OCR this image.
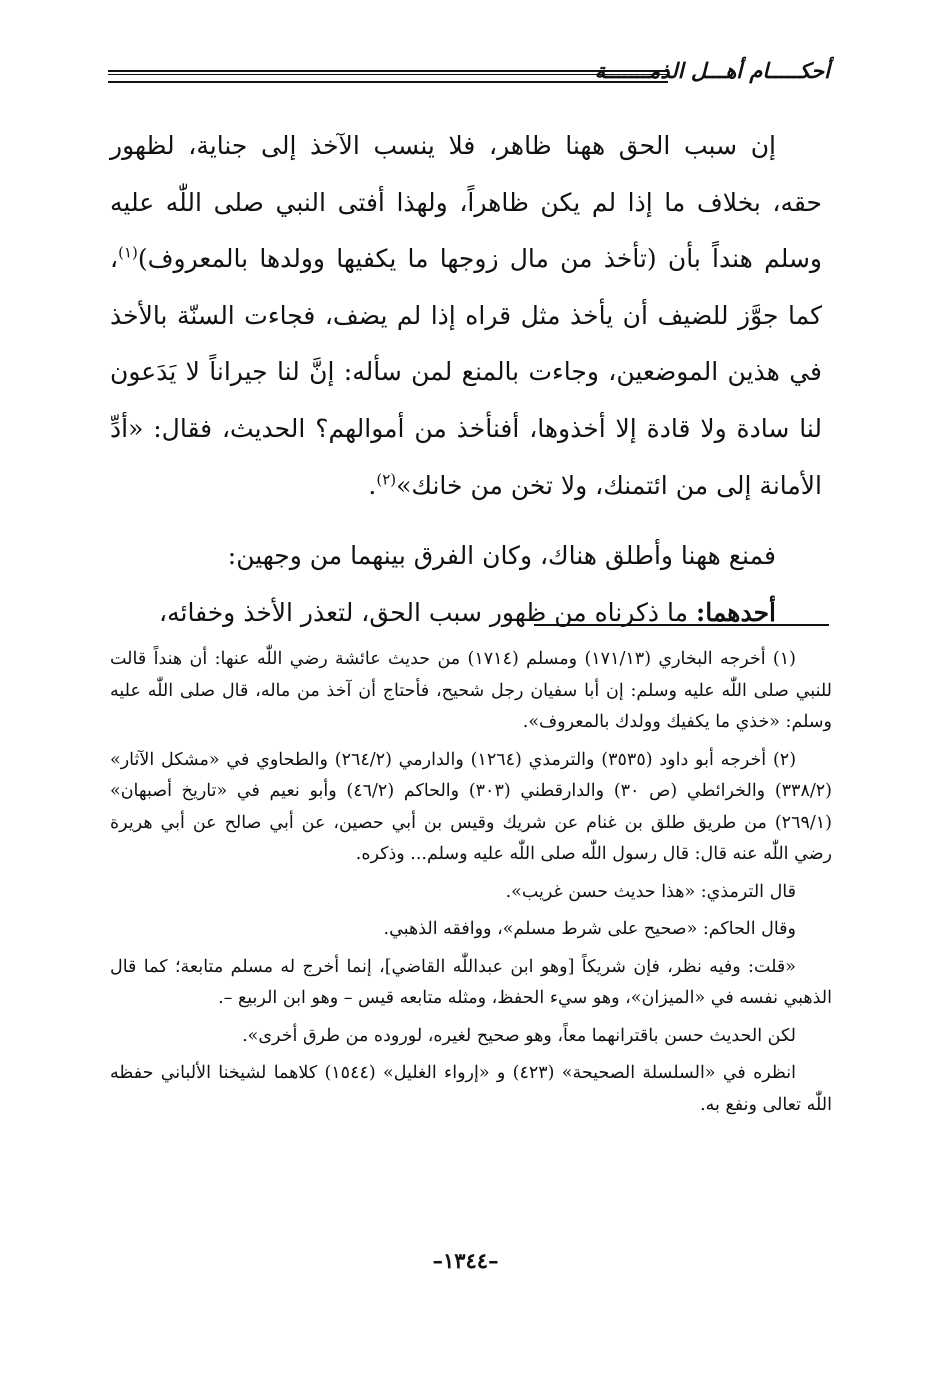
أحكـــــام أهـــل الذمـــــــة

إن سبب الحق ههنا ظاهر، فلا ينسب الآخذ إلى جناية، لظهور حقه، بخلاف ما إذا لم يكن ظاهراً، ولهذا أفتى النبي صلى اللّٰه عليه وسلم هنداً بأن (تأخذ من مال زوجها ما يكفيها وولدها بالمعروف)$^{(١)}$، كما جوَّز للضيف أن يأخذ مثل قراه إذا لم يضف، فجاءت السنّة بالأخذ في هذين الموضعين، وجاءت بالمنع لمن سأله: إنَّ لنا جيراناً لا يَدَعون لنا سادة ولا قادة إلا أخذوها، أفنأخذ من أموالهم؟ الحديث، فقال: «أدِّ الأمانة إلى من ائتمنك، ولا تخن من خانك»$^{(٢)}$.

فمنع ههنا وأطلق هناك، وكان الفرق بينهما من وجهين:

أحدهما: ما ذكرناه من ظهور سبب الحق، لتعذر الأخذ وخفائه،

(١) أخرجه البخاري (١٧١/١٣) ومسلم (١٧١٤) من حديث عائشة رضي اللّٰه عنها: أن هنداً قالت للنبي صلى اللّٰه عليه وسلم: إن أبا سفيان رجل شحيح، فأحتاج أن آخذ من ماله، قال صلى اللّٰه عليه وسلم: «خذي ما يكفيك وولدك بالمعروف».

(٢) أخرجه أبو داود (٣٥٣٥) والترمذي (١٢٦٤) والدارمي (٢٦٤/٢) والطحاوي في «مشكل الآثار» (٣٣٨/٢) والخرائطي (ص ٣٠) والدارقطني (٣٠٣) والحاكم (٤٦/٢) وأبو نعيم في «تاريخ أصبهان» (٢٦٩/١) من طريق طلق بن غنام عن شريك وقيس بن أبي حصين، عن أبي صالح عن أبي هريرة رضي اللّٰه عنه قال: قال رسول اللّٰه صلى اللّٰه عليه وسلم... وذكره.

قال الترمذي: «هذا حديث حسن غريب».

وقال الحاكم: «صحيح على شرط مسلم»، ووافقه الذهبي.

«قلت: وفيه نظر، فإن شريكاً [وهو ابن عبداللّٰه القاضي]، إنما أخرج له مسلم متابعة؛ كما قال الذهبي نفسه في «الميزان»، وهو سيء الحفظ، ومثله متابعه قيس – وهو ابن الربيع –.

لكن الحديث حسن باقترانهما معاً، وهو صحيح لغيره، لوروده من طرق أخرى».

انظره في «السلسلة الصحيحة» (٤٢٣) و «إرواء الغليل» (١٥٤٤) كلاهما لشيخنا الألباني حفظه اللّٰه تعالى ونفع به.

–١٣٤٤–
